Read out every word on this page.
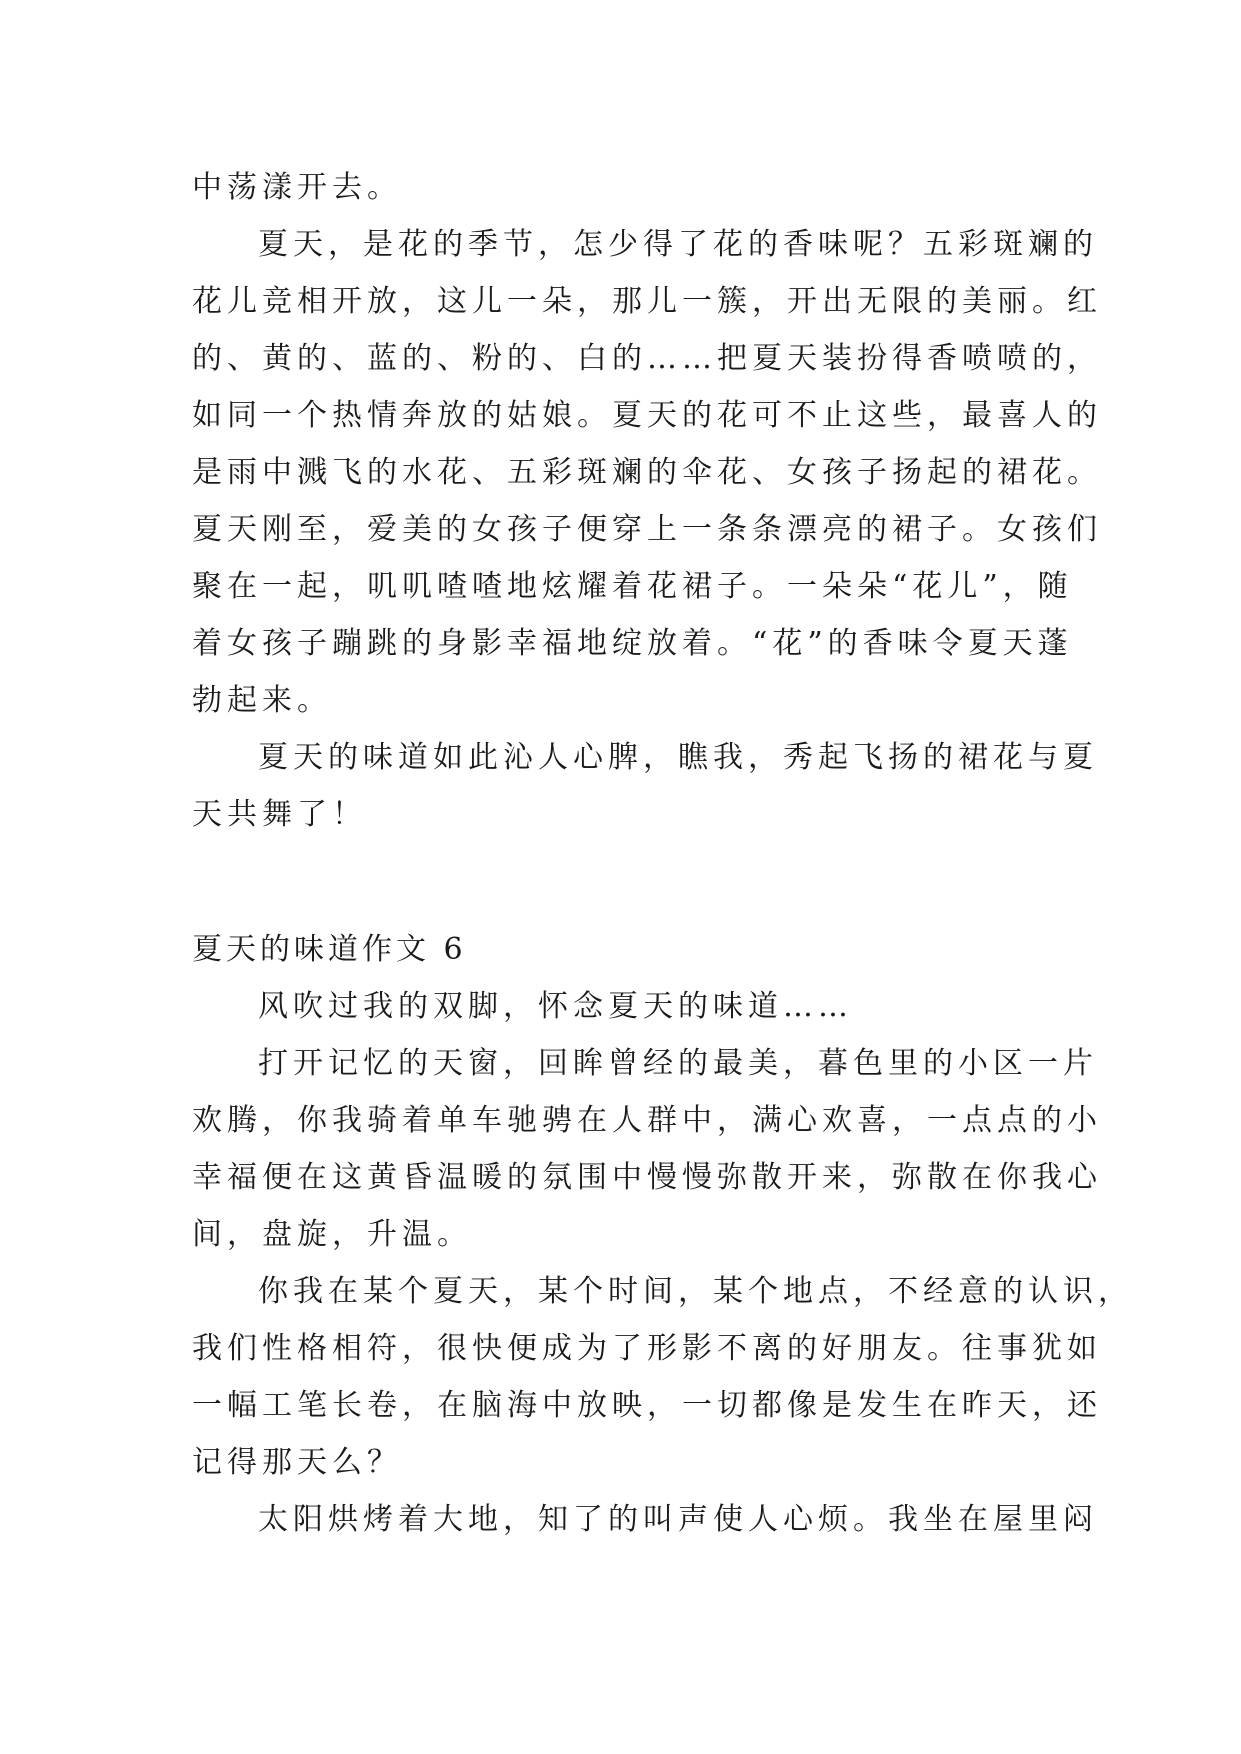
中荡漾开去。
夏天，是花的季节，怎少得了花的香味呢？五彩斑斓的
花儿竞相开放，这儿一朵，那儿一簇，开出无限的美丽。红
的、黄的、蓝的、粉的、白的……把夏天装扮得香喷喷的，
如同一个热情奔放的姑娘。夏天的花可不止这些，最喜人的
是雨中溅飞的水花、五彩斑斓的伞花、女孩子扬起的裙花。
夏天刚至，爱美的女孩子便穿上一条条漂亮的裙子。女孩们
聚在一起，叽叽喳喳地炫耀着花裙子。一朵朵“花儿”，随
着女孩子蹦跳的身影幸福地绽放着。“花”的香味令夏天蓬
勃起来。
夏天的味道如此沁人心脾，瞧我，秀起飞扬的裙花与夏
天共舞了！
夏天的味道作文 6
风吹过我的双脚，怀念夏天的味道……
打开记忆的天窗，回眸曾经的最美，暮色里的小区一片
欢腾，你我骑着单车驰骋在人群中，满心欢喜，一点点的小
幸福便在这黄昏温暖的氛围中慢慢弥散开来，弥散在你我心
间，盘旋，升温。
你我在某个夏天，某个时间，某个地点，不经意的认识，
我们性格相符，很快便成为了形影不离的好朋友。往事犹如
一幅工笔长卷，在脑海中放映，一切都像是发生在昨天，还
记得那天么？
太阳烘烤着大地，知了的叫声使人心烦。我坐在屋里闷
